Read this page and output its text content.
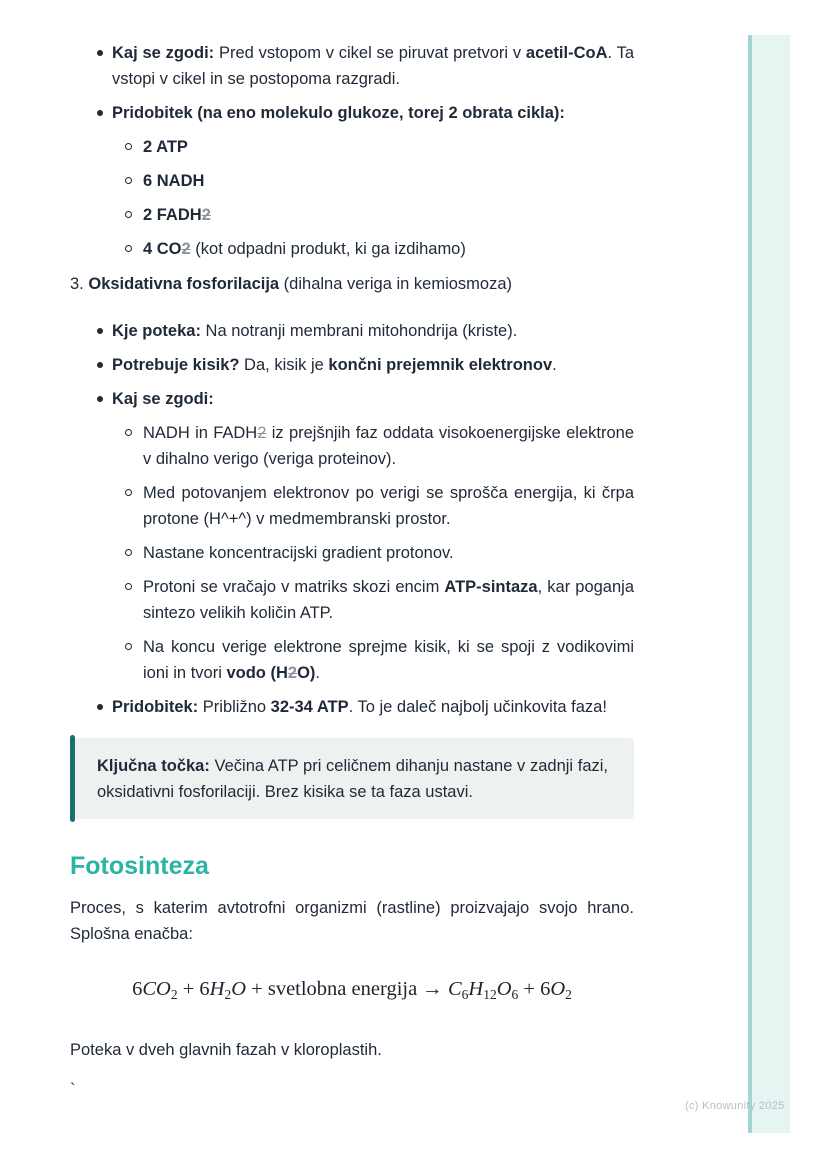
Kaj se zgodi: Pred vstopom v cikel se piruvat pretvori v acetil-CoA. Ta vstopi v cikel in se postopoma razgradi.
Pridobitek (na eno molekulo glukoze, torej 2 obrata cikla):
2 ATP
6 NADH
2 FADH2
4 CO2 (kot odpadni produkt, ki ga izdihamo)
3. Oksidativna fosforilacija (dihalna veriga in kemiosmoza)
Kje poteka: Na notranji membrani mitohondrija (kriste).
Potrebuje kisik? Da, kisik je končni prejemnik elektronov.
Kaj se zgodi:
NADH in FADH2 iz prejšnjih faz oddata visokoenergijske elektrone v dihalno verigo (veriga proteinov).
Med potovanjem elektronov po verigi se sprošča energija, ki črpa protone (H^+^) v medmembranski prostor.
Nastane koncentracijski gradient protonov.
Protoni se vračajo v matriks skozi encim ATP-sintaza, kar poganja sintezo velikih količin ATP.
Na koncu verige elektrone sprejme kisik, ki se spoji z vodikovimi ioni in tvori vodo (H2O).
Pridobitek: Približno 32-34 ATP. To je daleč najbolj učinkovita faza!
Ključna točka: Večina ATP pri celičnem dihanju nastane v zadnji fazi, oksidativni fosforilaciji. Brez kisika se ta faza ustavi.
Fotosinteza

Proces, s katerim avtotrofni organizmi (rastline) proizvajajo svojo hrano. Splošna enačba:

6CO2 + 6H2O + svetlobna energija → C6H12O6 + 6O2

Poteka v dveh glavnih fazah v kloroplastih.

`
(c) Knowunity 2025
